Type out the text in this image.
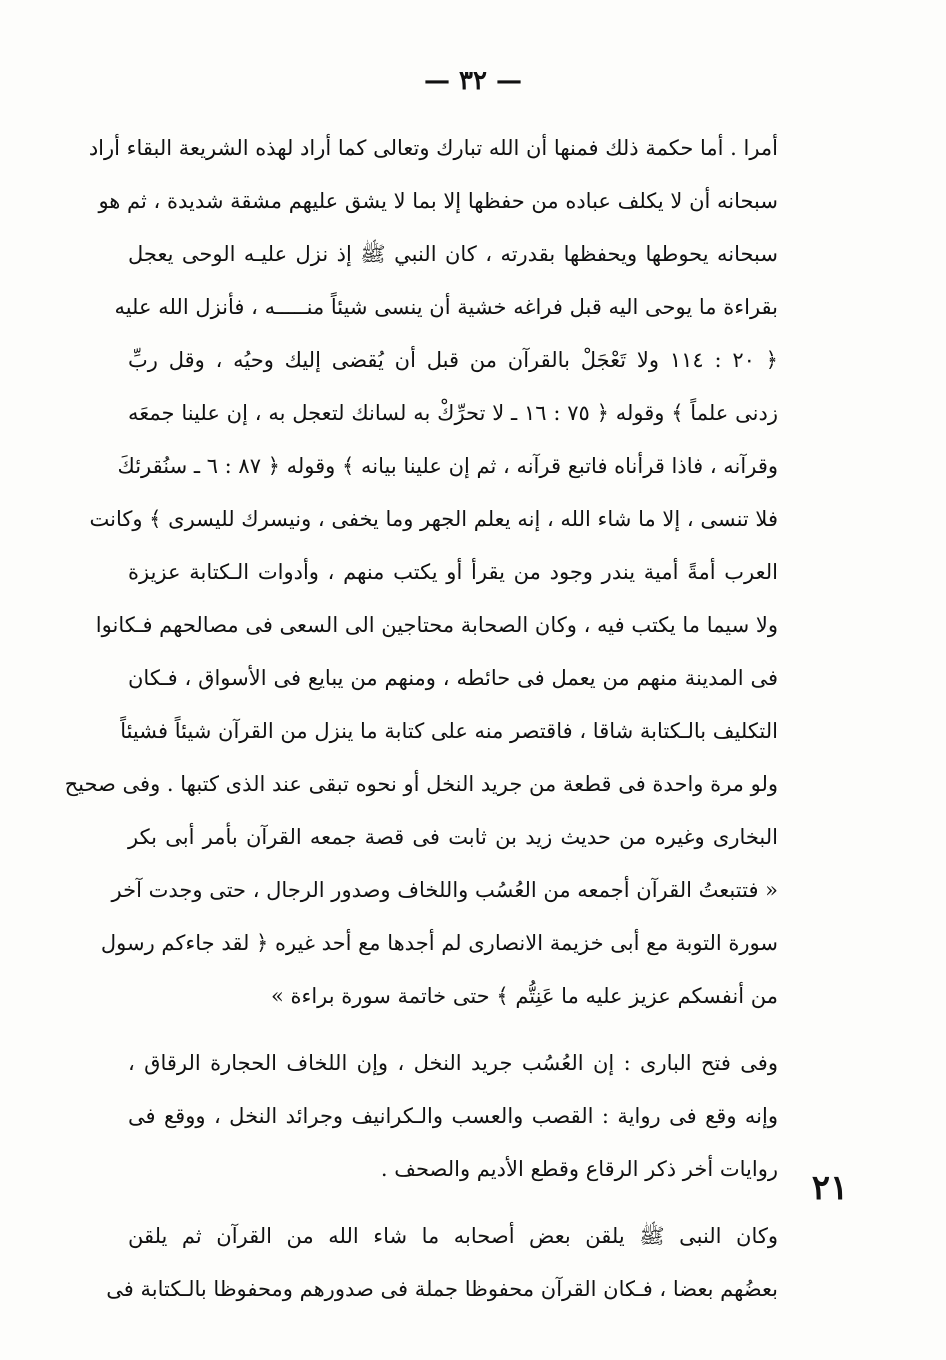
— ٣٢ —
أمرا . أما حكمة ذلك فمنها أن الله تبارك وتعالى كما أراد لهذه الشريعة البقاء أراد
سبحانه أن لا يكلف عباده من حفظها إلا بما لا يشق عليهم مشقة شديدة ، ثم هو
سبحانه يحوطها ويحفظها بقدرته ، كان النبي ﷺ إذ نزل عليـه الوحى يعجل
بقراءة ما يوحى اليه قبل فراغه خشية أن ينسى شيئاً منـــــه ، فأنزل الله عليه
﴿ ٢٠ : ١١٤ ولا تَعْجَلْ بالقرآن من قبل أن يُقضى إليك وحيُه ، وقل ربِّ
زدنى علماً ﴾ وقوله ﴿ ٧٥ : ١٦ ـ لا تحرِّكْ به لسانك لتعجل به ، إن علينا جمعَه
وقرآنه ، فاذا قرأناه فاتبع قرآنه ، ثم إن علينا بيانه ﴾ وقوله ﴿ ٨٧ : ٦ ـ سنُقرئكَ
فلا تنسى ، إلا ما شاء الله ، إنه يعلم الجهر وما يخفى ، ونيسرك لليسرى ﴾ وكانت
العرب أمةً أمية يندر وجود من يقرأ أو يكتب منهم ، وأدوات الـكتابة عزيزة
ولا سيما ما يكتب فيه ، وكان الصحابة محتاجين الى السعى فى مصالحهم فـكانوا
فى المدينة منهم من يعمل فى حائطه ، ومنهم من يبايع فى الأسواق ، فـكان
التكليف بالـكتابة شاقا ، فاقتصر منه على كتابة ما ينزل من القرآن شيئاً فشيئاً
ولو مرة واحدة فى قطعة من جريد النخل أو نحوه تبقى عند الذى كتبها . وفى صحيح
البخارى وغيره من حديث زيد بن ثابت فى قصة جمعه القرآن بأمر أبى بكر
« فتتبعتُ القرآن أجمعه من العُسُب واللخاف وصدور الرجال ، حتى وجدت آخر
سورة التوبة مع أبى خزيمة الانصارى لم أجدها مع أحد غيره ﴿ لقد جاءكم رسول
من أنفسكم عزيز عليه ما عَنِتُّم ﴾ حتى خاتمة سورة براءة »
وفى فتح البارى : إن العُسُب جريد النخل ، وإن اللخاف الحجارة الرقاق ،
وإنه وقع فى رواية : القصب والعسب والـكرانيف وجرائد النخل ، ووقع فى
روايات أخر ذكر الرقاع وقطع الأديم والصحف .
وكان النبى ﷺ يلقن بعض أصحابه ما شاء الله من القرآن ثم يلقن
بعضُهم بعضا ، فـكان القرآن محفوظا جملة فى صدورهم ومحفوظا بالـكتابة فى
٢١
